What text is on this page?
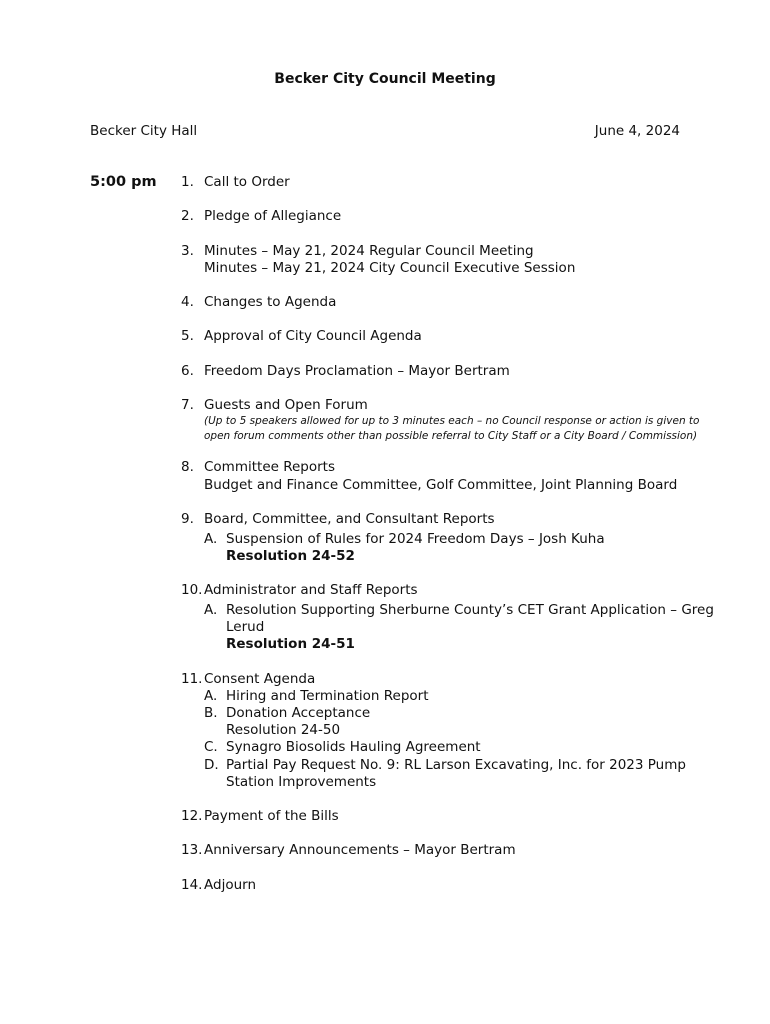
Becker City Council Meeting
Becker City Hall	June 4, 2024
5:00 pm 1. Call to Order
2. Pledge of Allegiance
3. Minutes – May 21, 2024 Regular Council Meeting
Minutes – May 21, 2024 City Council Executive Session
4. Changes to Agenda
5. Approval of City Council Agenda
6. Freedom Days Proclamation – Mayor Bertram
7. Guests and Open Forum
(Up to 5 speakers allowed for up to 3 minutes each – no Council response or action is given to
open forum comments other than possible referral to City Staff or a City Board / Commission)
8. Committee Reports
Budget and Finance Committee, Golf Committee, Joint Planning Board
9. Board, Committee, and Consultant Reports
A. Suspension of Rules for 2024 Freedom Days – Josh Kuha
Resolution 24-52
10. Administrator and Staff Reports
A. Resolution Supporting Sherburne County’s CET Grant Application – Greg
Lerud
Resolution 24-51
11. Consent Agenda
A. Hiring and Termination Report
B. Donation Acceptance
Resolution 24-50
C. Synagro Biosolids Hauling Agreement
D. Partial Pay Request No. 9: RL Larson Excavating, Inc. for 2023 Pump
Station Improvements
12. Payment of the Bills
13. Anniversary Announcements – Mayor Bertram
14. Adjourn
